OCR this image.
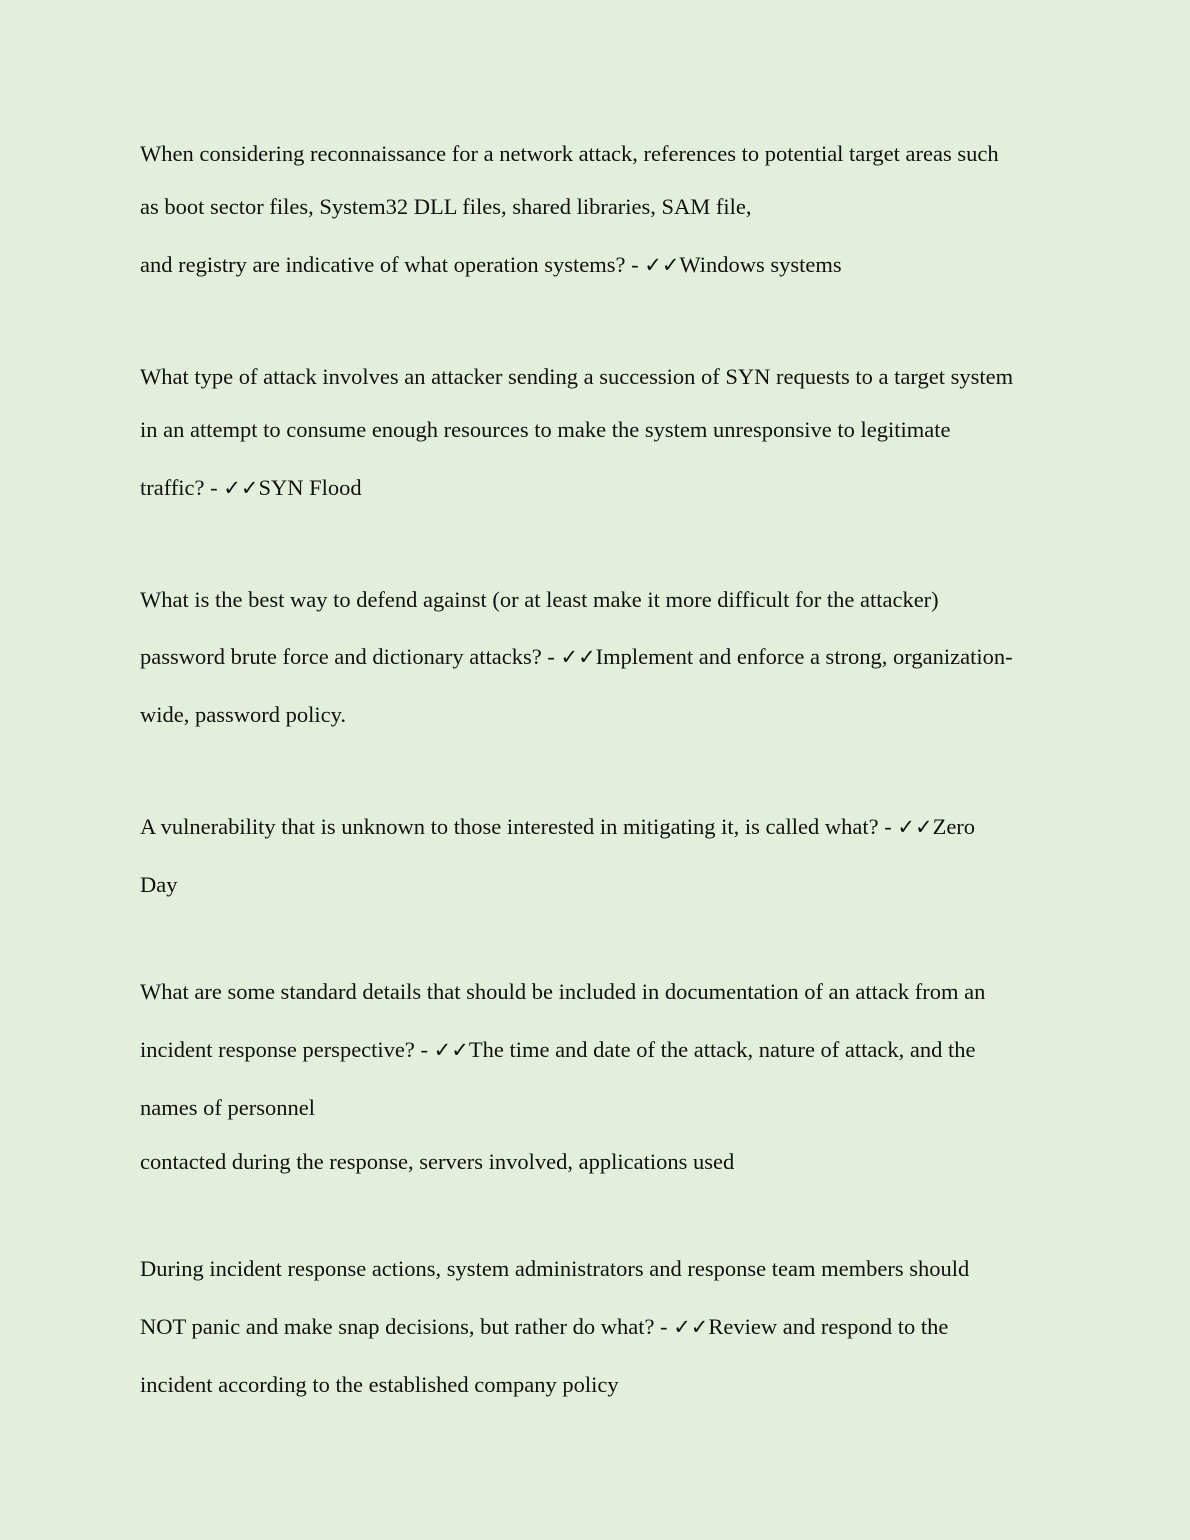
When considering reconnaissance for a network attack, references to potential target areas such
as boot sector files, System32 DLL files, shared libraries, SAM file,
and registry are indicative of what operation systems? - ✓✓Windows systems
What type of attack involves an attacker sending a succession of SYN requests to a target system
in an attempt to consume enough resources to make the system unresponsive to legitimate
traffic? - ✓✓SYN Flood
What is the best way to defend against (or at least make it more difficult for the attacker)
password brute force and dictionary attacks? - ✓✓Implement and enforce a strong, organization-
wide, password policy.
A vulnerability that is unknown to those interested in mitigating it, is called what? - ✓✓Zero
Day
What are some standard details that should be included in documentation of an attack from an
incident response perspective? - ✓✓The time and date of the attack, nature of attack, and the
names of personnel
contacted during the response, servers involved, applications used
During incident response actions, system administrators and response team members should
NOT panic and make snap decisions, but rather do what? - ✓✓Review and respond to the
incident according to the established company policy
